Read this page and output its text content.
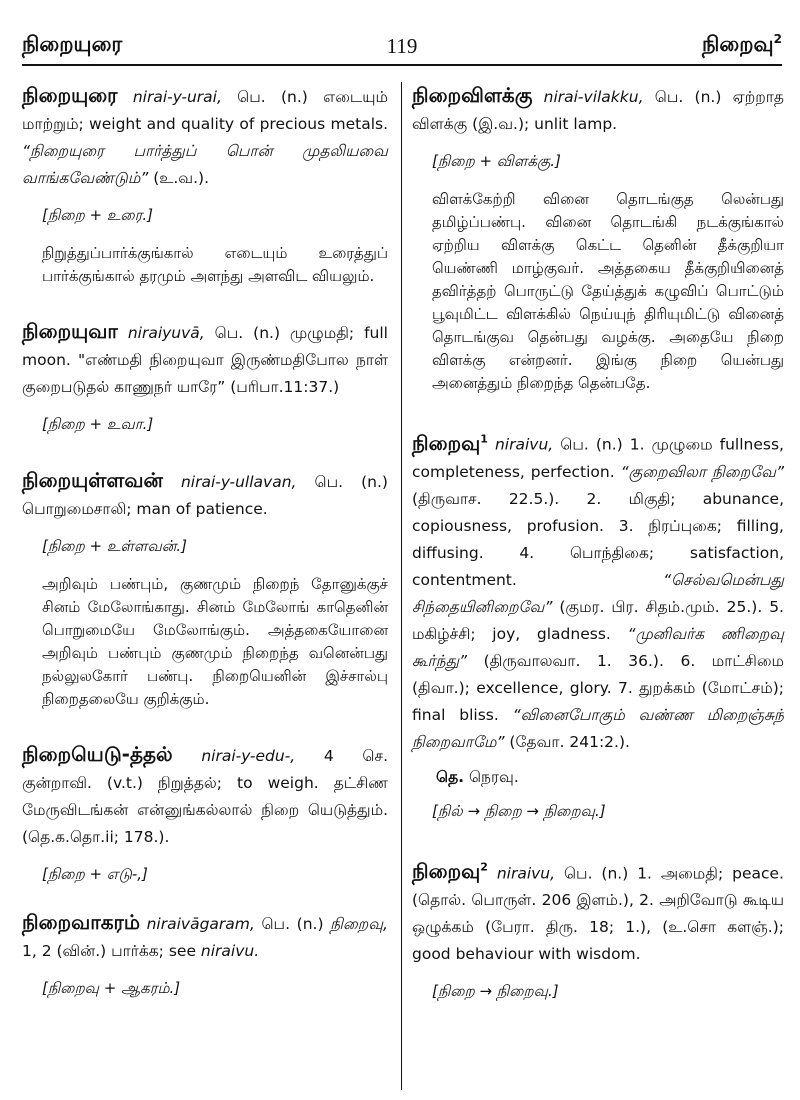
நிறையுரை	119	நிறைவு$^2$

நிறையுரை nirai-y-urai, பெ. (n.) எடையும் மாற்றும்; weight and quality of precious metals. “நிறையுரை பார்த்துப் பொன் முதலியவை வாங்கவேண்டும்” (உ.வ.).

[நிறை + உரை.]
நிறுத்துப்பார்க்குங்கால் எடையும் உரைத்துப் பார்க்குங்கால் தரமும் அளந்து அளவிட வியலும்.

நிறையுவா niraiyuvā, பெ. (n.) முழுமதி; full moon. "எண்மதி நிறையுவா இருண்மதிபோல நாள் குறைபடுதல் காணுநர் யாரே” (பரிபா.11:37.)

[நிறை + உவா.]

நிறையுள்ளவன் nirai-y-ullavan, பெ. (n.) பொறுமைசாலி; man of patience.

[நிறை + உள்ளவன்.]
அறிவும் பண்பும், குணமும் நிறைந் தோனுக்குச் சினம் மேலோங்காது. சினம் மேலோங் காதெனின் பொறுமையே மேலோங்கும். அத்தகையோனை அறிவும் பண்பும் குணமும் நிறைந்த வனென்பது நல்லுலகோர் பண்பு. நிறையெனின் இச்சால்பு நிறைதலையே குறிக்கும்.

நிறையெடு-த்தல் nirai-y-edu-, 4 செ. குன்றாவி. (v.t.) நிறுத்தல்; to weigh. தட்சிண மேருவிடங்கன் என்னுங்கல்லால் நிறை யெடுத்தும். (தெ.க.தொ.ii; 178.).

[நிறை + எடு-,]

நிறைவாகரம் niraivāgaram, பெ. (n.) நிறைவு, 1, 2 (வின்.) பார்க்க; see niraivu.

[நிறைவு + ஆகரம்.]

நிறைவிளக்கு nirai-vilakku, பெ. (n.) ஏற்றாத விளக்கு (இ.வ.); unlit lamp.

[நிறை + விளக்கு.]
விளக்கேற்றி வினை தொடங்குத லென்பது தமிழ்ப்பண்பு. வினை தொடங்கி நடக்குங்கால் ஏற்றிய விளக்கு கெட்ட தெனின் தீக்குறியா யெண்ணி மாழ்குவர். அத்தகைய தீக்குறியினைத் தவிர்த்தற் பொருட்டு தேய்த்துக் கழுவிப் பொட்டும் பூவுமிட்ட விளக்கில் நெய்யுந் திரியுமிட்டு வினைத் தொடங்குவ தென்பது வழக்கு. அதையே நிறை விளக்கு என்றனர். இங்கு நிறை யென்பது அனைத்தும் நிறைந்த தென்பதே.

நிறைவு$^1$ niraivu, பெ. (n.) 1. முழுமை fullness, completeness, perfection. “குறைவிலா நிறைவே” (திருவாச. 22.5.). 2. மிகுதி; abunance, copiousness, profusion. 3. நிரப்புகை; filling, diffusing. 4. பொந்திகை; satisfaction, contentment. “செல்வமென்பது சிந்தையினிறைவே” (குமர. பிர. சிதம்.மும். 25.). 5. மகிழ்ச்சி; joy, gladness. “முனிவர்க ணிறைவு கூர்ந்து” (திருவாலவா. 1. 36.). 6. மாட்சிமை (திவா.); excellence, glory. 7. துறக்கம் (மோட்சம்); final bliss. “வினைபோகும் வண்ண மிறைஞ்சுந் நிறைவாமே” (தேவா. 241:2.).

தெ. நெரவு.
[நில் → நிறை → நிறைவு.]

நிறைவு$^2$ niraivu, பெ. (n.) 1. அமைதி; peace. (தொல். பொருள். 206 இளம்.), 2. அறிவோடு கூடிய ஒழுக்கம் (பேரா. திரு. 18; 1.), (உ.சொ களஞ்.); good behaviour with wisdom.

[நிறை → நிறைவு.]
